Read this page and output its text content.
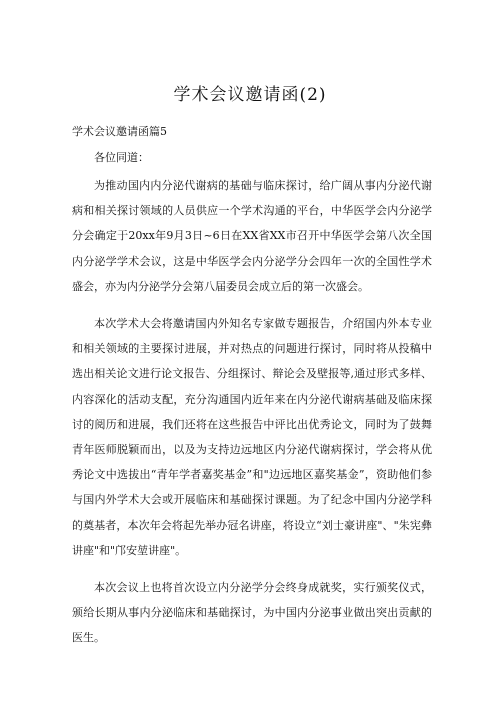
学术会议邀请函(2)
学术会议邀请函篇5
各位同道：

为推动国内内分泌代谢病的基础与临床探讨，给广阔从事内分泌代谢病和相关探讨领域的人员供应一个学术沟通的平台，中华医学会内分泌学分会确定于20xx年9月3日~6日在XX省XX市召开中华医学会第八次全国内分泌学学术会议，这是中华医学会内分泌学分会四年一次的全国性学术盛会，亦为内分泌学分会第八届委员会成立后的第一次盛会。

本次学术大会将邀请国内外知名专家做专题报告，介绍国内外本专业和相关领域的主要探讨进展，并对热点的问题进行探讨，同时将从投稿中选出相关论文进行论文报告、分组探讨、辩论会及壁报等,通过形式多样、内容深化的活动支配，充分沟通国内近年来在内分泌代谢病基础及临床探讨的阅历和进展，我们还将在这些报告中评比出优秀论文，同时为了鼓舞青年医师脱颖而出，以及为支持边远地区内分泌代谢病探讨，学会将从优秀论文中选拔出“青年学者嘉奖基金”和"边远地区嘉奖基金”，资助他们参与国内外学术大会或开展临床和基础探讨课题。为了纪念中国内分泌学科的奠基者，本次年会将起先举办冠名讲座，将设立“刘士豪讲座"、"朱宪彝讲座"和"邝安堃讲座"。

本次会议上也将首次设立内分泌学分会终身成就奖，实行颁奖仪式，颁给长期从事内分泌临床和基础探讨，为中国内分泌事业做出突出贡献的医生。
